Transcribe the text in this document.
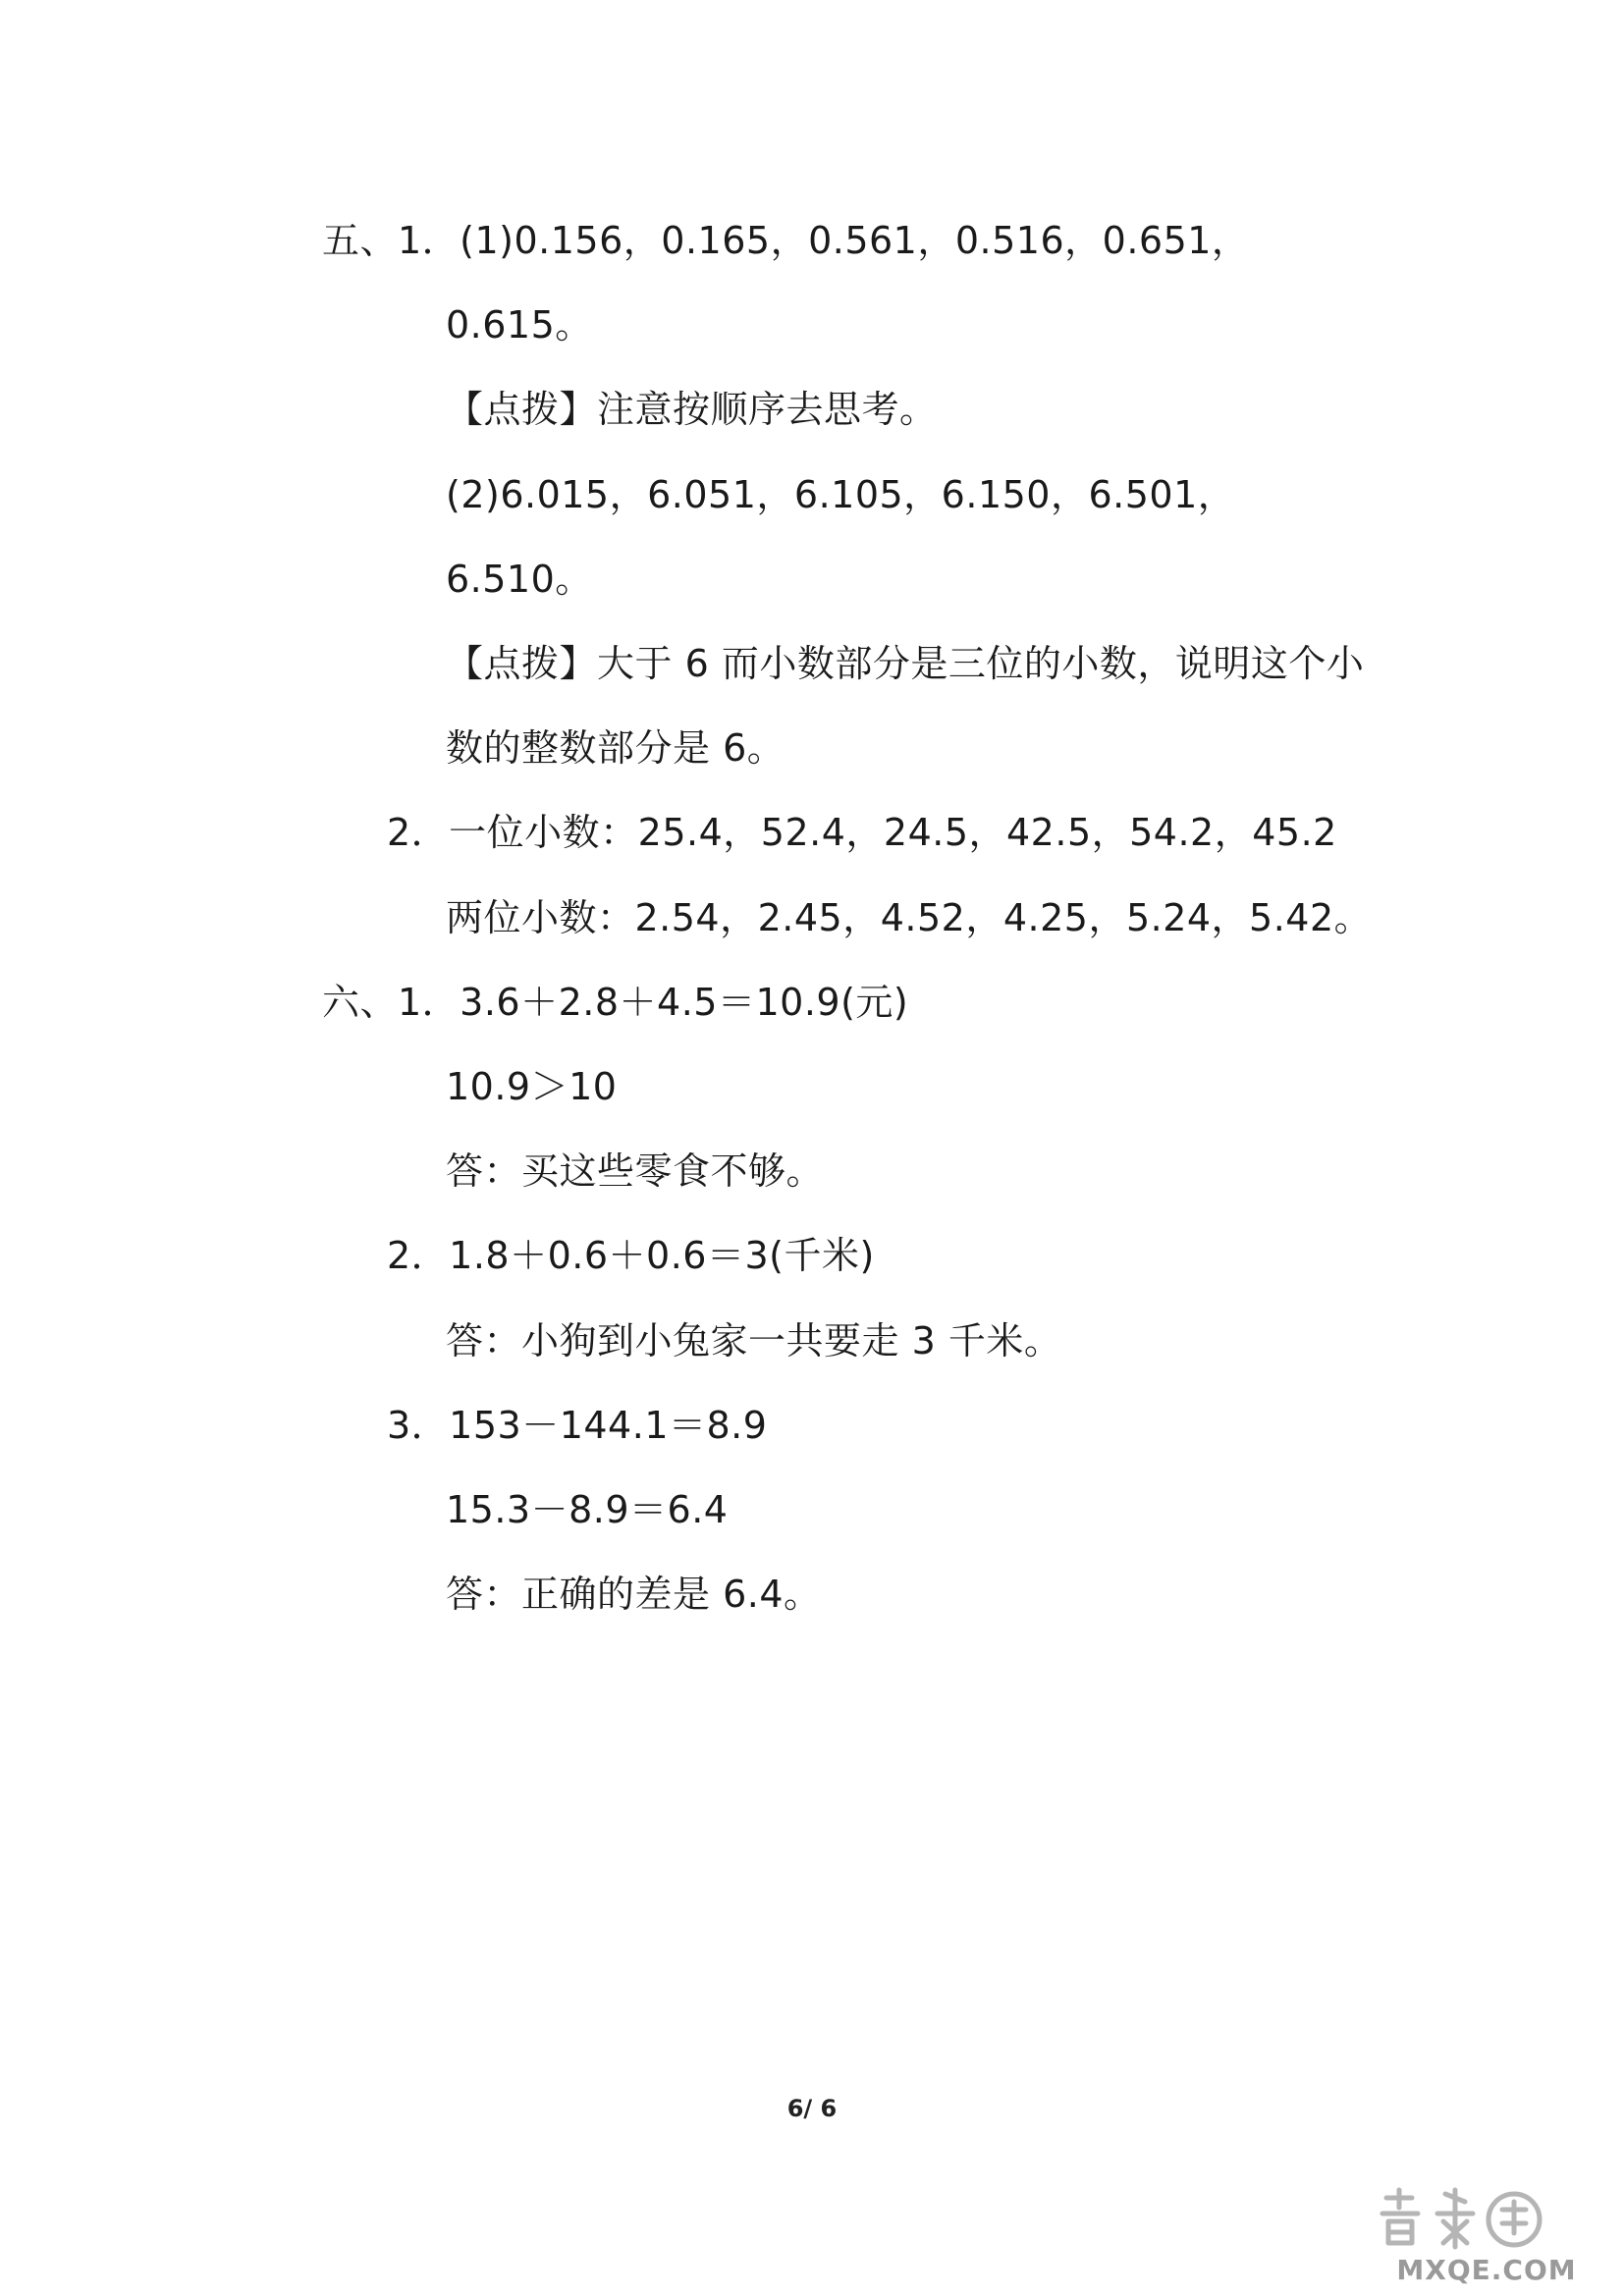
五、1．(1)0.156，0.165，0.561，0.516，0.651，
0.615。
【点拨】注意按顺序去思考。
(2)6.015，6.051，6.105，6.150，6.501，
6.510。
【点拨】大于 6 而小数部分是三位的小数，说明这个小
数的整数部分是 6。
2．一位小数：25.4，52.4，24.5，42.5，54.2，45.2
两位小数：2.54，2.45，4.52，4.25，5.24，5.42。
六、1．3.6＋2.8＋4.5＝10.9(元)
10.9＞10
答：买这些零食不够。
2．1.8＋0.6＋0.6＝3(千米)
答：小狗到小兔家一共要走 3 千米。
3．153－144.1＝8.9
15.3－8.9＝6.4
答：正确的差是 6.4。
6/ 6
MXQE.COM
